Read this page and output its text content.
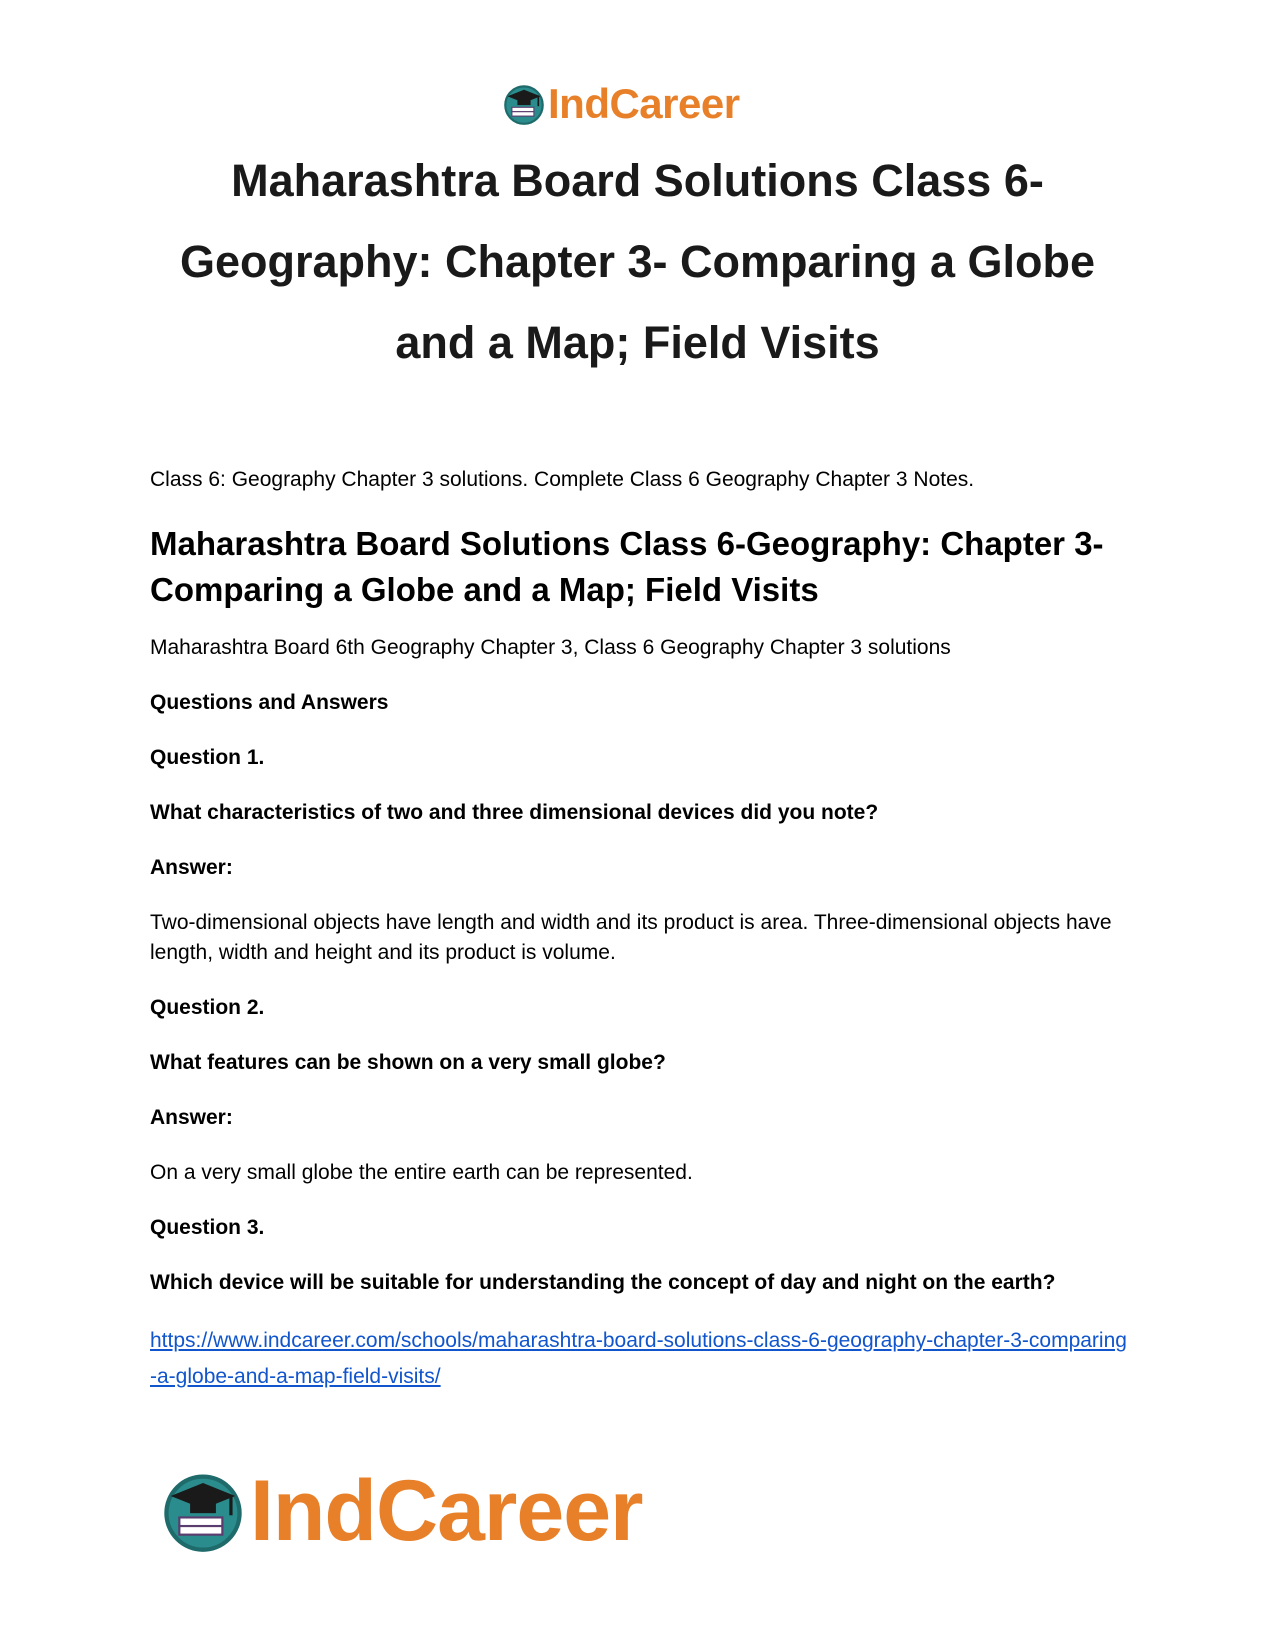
IndCareer
Maharashtra Board Solutions Class 6-Geography: Chapter 3- Comparing a Globe and a Map; Field Visits

Class 6: Geography Chapter 3 solutions. Complete Class 6 Geography Chapter 3 Notes.

Maharashtra Board Solutions Class 6-Geography: Chapter 3- Comparing a Globe and a Map; Field Visits

Maharashtra Board 6th Geography Chapter 3, Class 6 Geography Chapter 3 solutions

Questions and Answers

Question 1.

What characteristics of two and three dimensional devices did you note?

Answer:

Two-dimensional objects have length and width and its product is area. Three-dimensional objects have length, width and height and its product is volume.

Question 2.

What features can be shown on a very small globe?

Answer:

On a very small globe the entire earth can be represented.

Question 3.

Which device will be suitable for understanding the concept of day and night on the earth?

https://www.indcareer.com/schools/maharashtra-board-solutions-class-6-geography-chapter-3-comparing-a-globe-and-a-map-field-visits/
IndCareer
